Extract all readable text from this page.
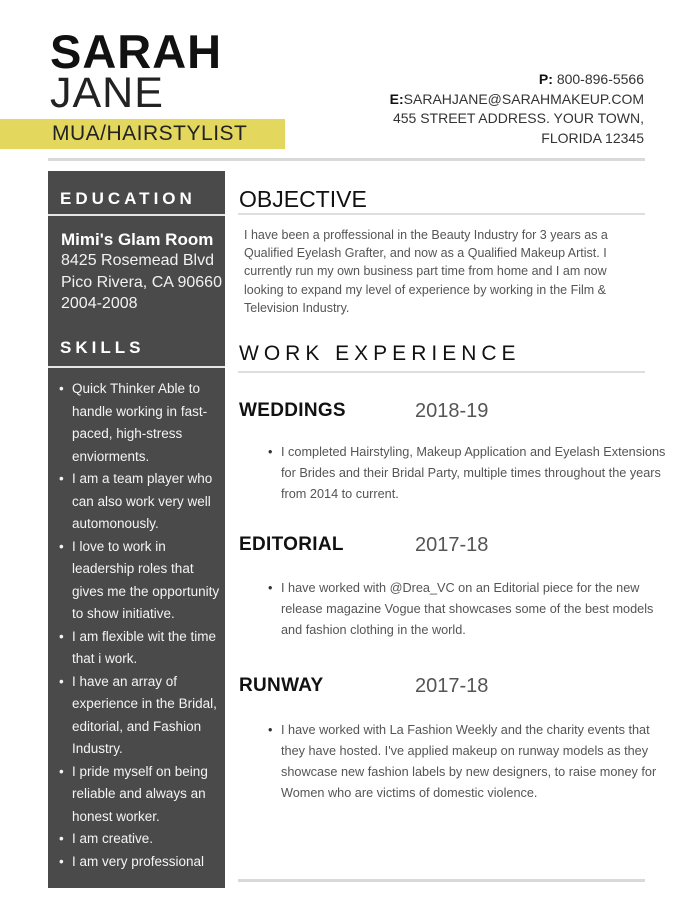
SARAH
JANE
MUA/HAIRSTYLIST
P: 800-896-5566
E:SARAHJANE@SARAHMAKEUP.COM
455 STREET ADDRESS. YOUR TOWN,
FLORIDA 12345
EDUCATION
Mimi's Glam Room
8425 Rosemead Blvd
Pico Rivera, CA 90660
2004-2008
SKILLS
• Quick Thinker Able to handle working in fast-paced, high-stress enviorments.
• I am a team player who can also work very well automonously.
• I love to work in leadership roles that gives me the opportunity to show initiative.
• I am flexible wit the time that i work.
• I have an array of experience in the Bridal, editorial, and Fashion Industry.
• I pride myself on being reliable and always an honest worker.
• I am creative.
• I am very professional
OBJECTIVE
I have been a proffessional in the Beauty Industry for 3 years as a Qualified Eyelash Grafter, and now as a Qualified Makeup Artist. I currently run my own business part time from home and I am now looking to expand my level of experience by working in the Film & Television Industry.
WORK EXPERIENCE
WEDDINGS	2018-19
• I completed Hairstyling, Makeup Application and Eyelash Extensions for Brides and their Bridal Party, multiple times throughout the years from 2014 to current.
EDITORIAL	2017-18
• I have worked with @Drea_VC on an Editorial piece for the new release magazine Vogue that showcases some of the best models and fashion clothing in the world.
RUNWAY	2017-18
• I have worked with La Fashion Weekly and the charity events that they have hosted. I've applied makeup on runway models as they showcase new fashion labels by new designers, to raise money for Women who are victims of domestic violence.
